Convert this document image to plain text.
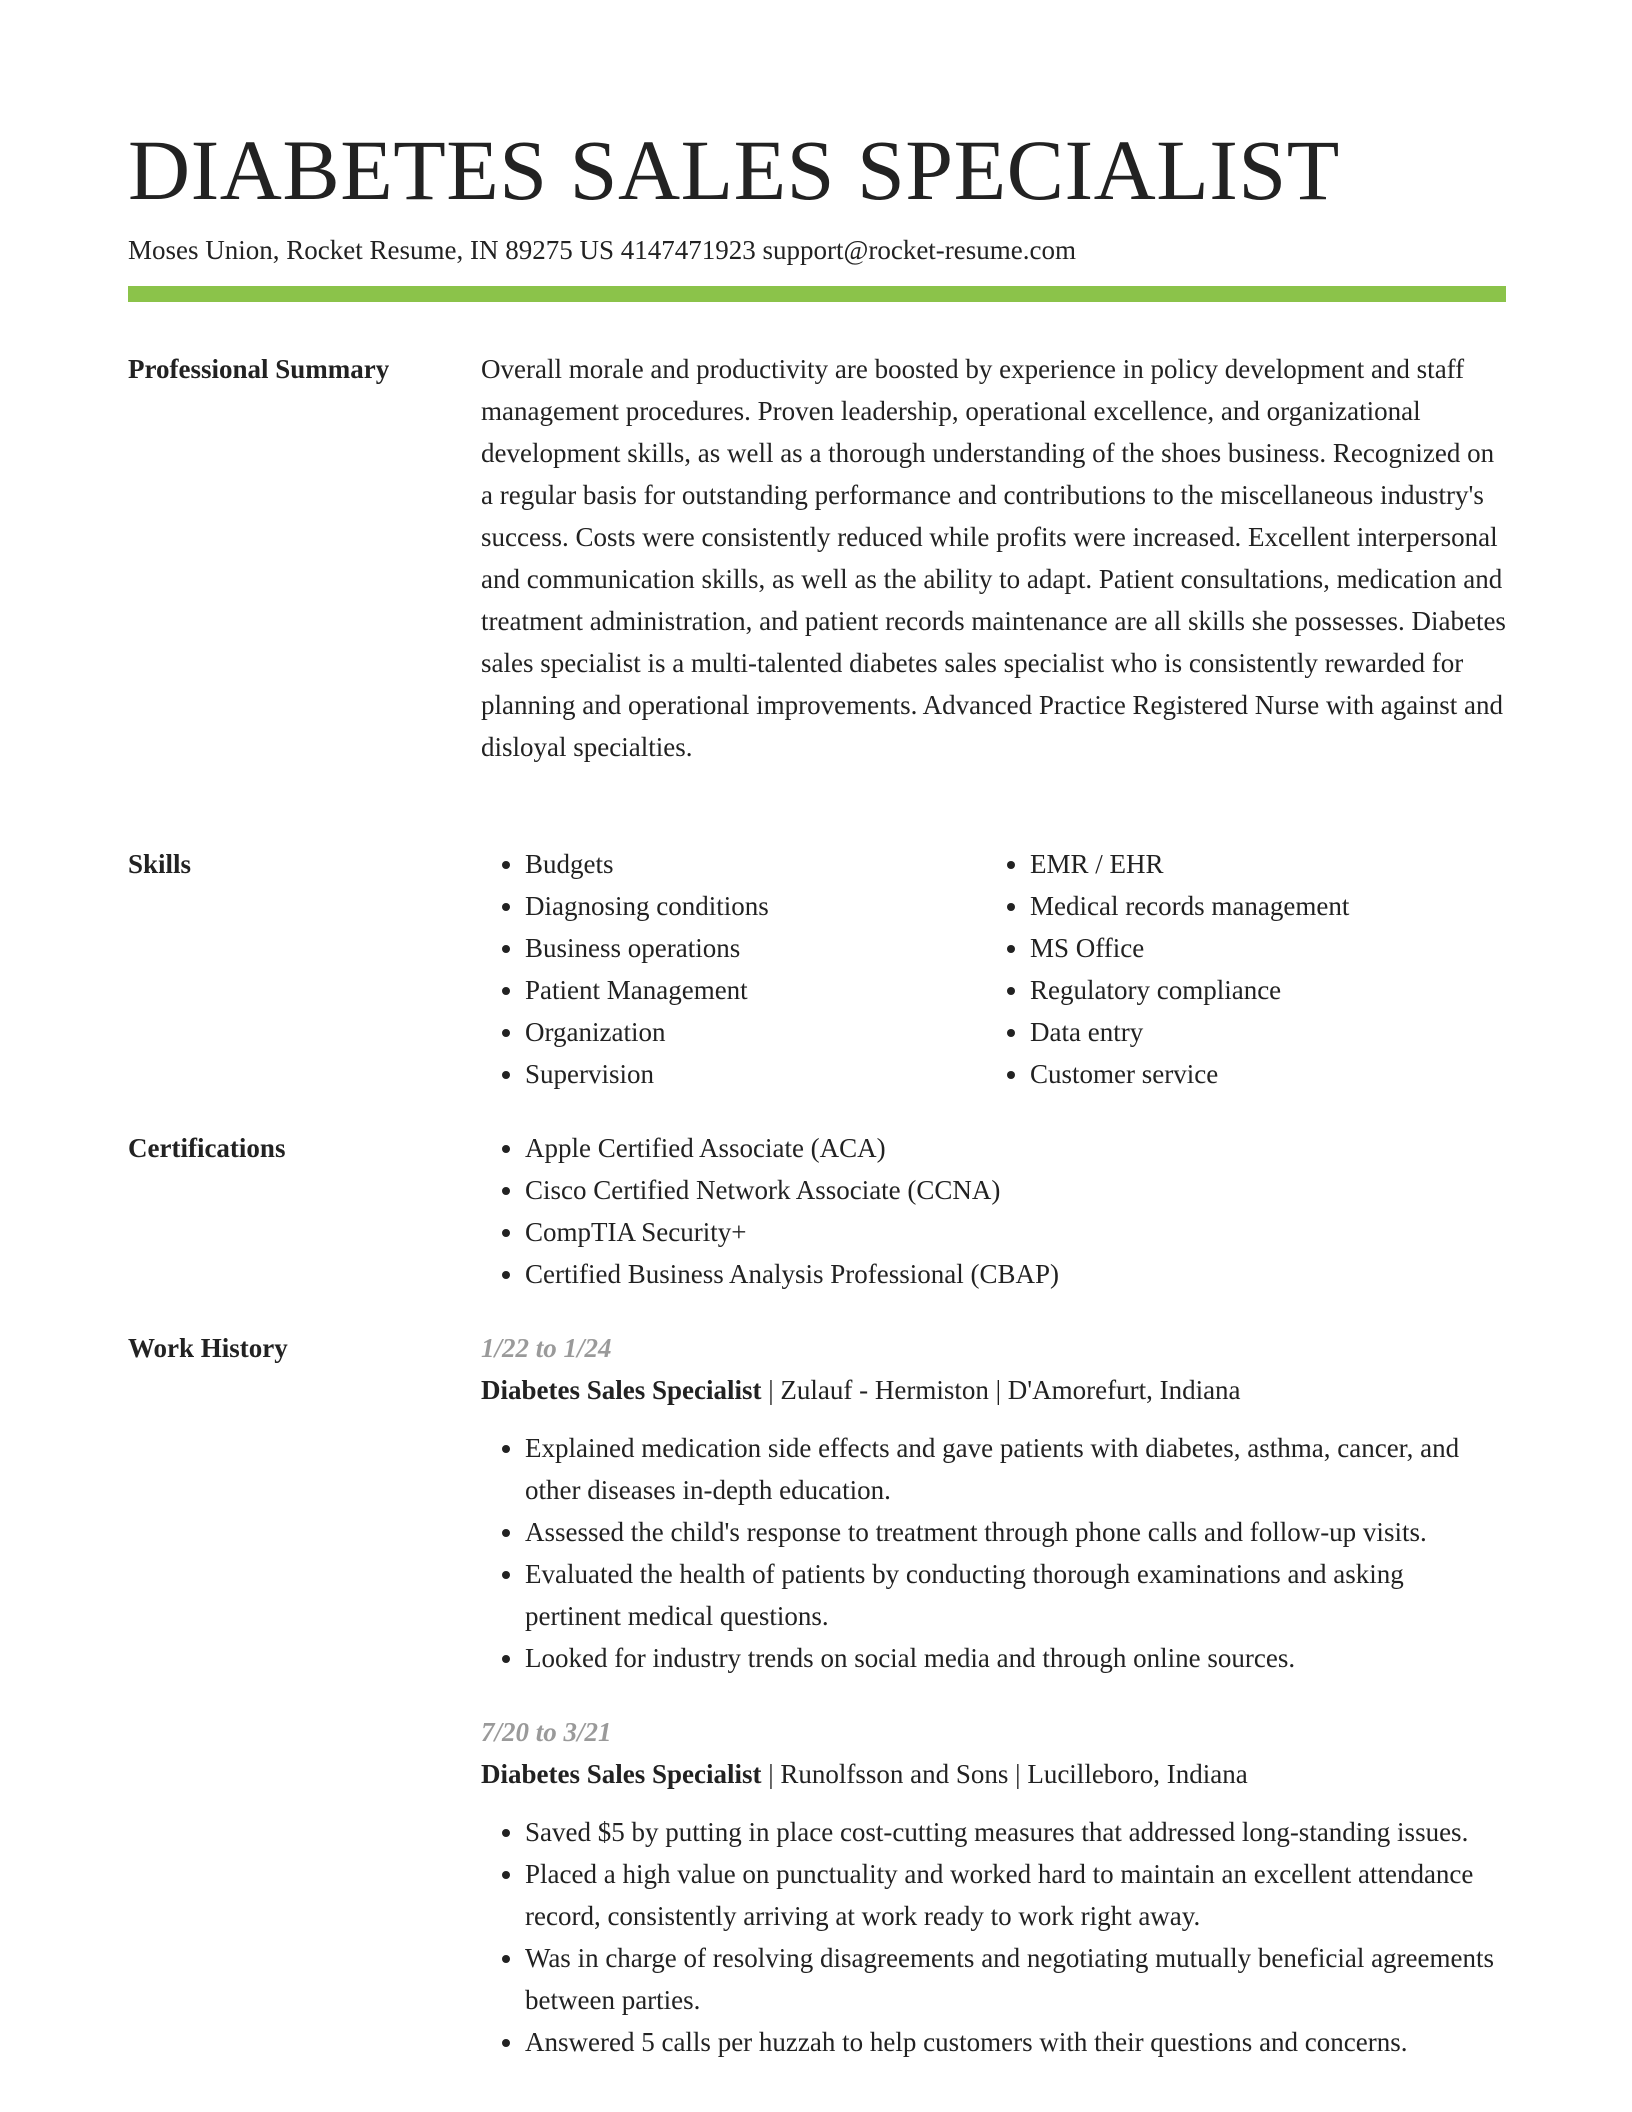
DIABETES SALES SPECIALIST
Moses Union, Rocket Resume, IN 89275 US 4147471923 support@rocket-resume.com
Professional Summary	Overall morale and productivity are boosted by experience in policy development and staff management procedures. Proven leadership, operational excellence, and organizational development skills, as well as a thorough understanding of the shoes business. Recognized on a regular basis for outstanding performance and contributions to the miscellaneous industry's success. Costs were consistently reduced while profits were increased. Excellent interpersonal and communication skills, as well as the ability to adapt. Patient consultations, medication and treatment administration, and patient records maintenance are all skills she possesses. Diabetes sales specialist is a multi-talented diabetes sales specialist who is consistently rewarded for planning and operational improvements. Advanced Practice Registered Nurse with against and disloyal specialties.

Skills	• Budgets
• Diagnosing conditions
• Business operations
• Patient Management
• Organization
• Supervision
• EMR / EHR
• Medical records management
• MS Office
• Regulatory compliance
• Data entry
• Customer service
Certifications	• Apple Certified Associate (ACA)
• Cisco Certified Network Associate (CCNA)
• CompTIA Security+
• Certified Business Analysis Professional (CBAP)
Work History	1/22 to 1/24
Diabetes Sales Specialist | Zulauf - Hermiston | D'Amorefurt, Indiana
• Explained medication side effects and gave patients with diabetes, asthma, cancer, and other diseases in-depth education.
• Assessed the child's response to treatment through phone calls and follow-up visits.
• Evaluated the health of patients by conducting thorough examinations and asking pertinent medical questions.
• Looked for industry trends on social media and through online sources.
7/20 to 3/21
Diabetes Sales Specialist | Runolfsson and Sons | Lucilleboro, Indiana
• Saved $5 by putting in place cost-cutting measures that addressed long-standing issues.
• Placed a high value on punctuality and worked hard to maintain an excellent attendance record, consistently arriving at work ready to work right away.
• Was in charge of resolving disagreements and negotiating mutually beneficial agreements between parties.
• Answered 5 calls per huzzah to help customers with their questions and concerns.
